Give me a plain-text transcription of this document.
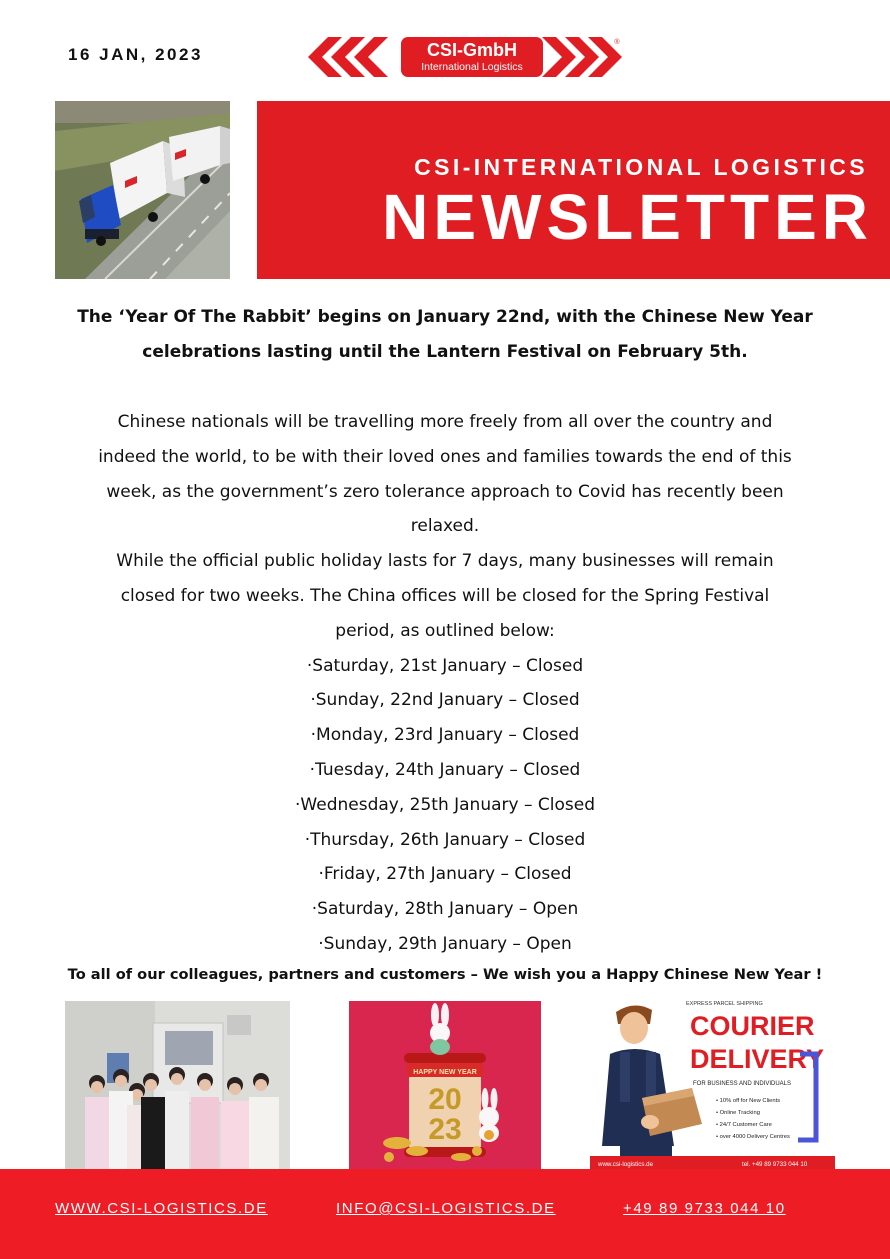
16 JAN, 2023	CSI-GmbH
International Logistics
®
CSI-INTERNATIONAL LOGISTICS
NEWSLETTER

The ‘Year Of The Rabbit’ begins on January 22nd, with the Chinese New Year
celebrations lasting until the Lantern Festival on February 5th.

Chinese nationals will be travelling more freely from all over the country and
indeed the world, to be with their loved ones and families towards the end of this
week, as the government’s zero tolerance approach to Covid has recently been
relaxed.

While the official public holiday lasts for 7 days, many businesses will remain
closed for two weeks. The China offices will be closed for the Spring Festival
period, as outlined below:

·Saturday, 21st January – Closed
·Sunday, 22nd January – Closed
·Monday, 23rd January – Closed
·Tuesday, 24th January – Closed
·Wednesday, 25th January – Closed
·Thursday, 26th January – Closed
·Friday, 27th January – Closed
·Saturday, 28th January – Open
·Sunday, 29th January – Open

To all of our colleagues, partners and customers – We wish you a Happy Chinese New Year !

HAPPY NEW YEAR
20
23
EXPRESS PARCEL SHIPPING
COURIER
DELIVERY
FOR BUSINESS AND INDIVIDUALS
• 10% off for New Clients
• Online Tracking
• 24/7 Customer Care
• over 4000 Delivery Centres
www.csi-logistics.de	tel. +49 89 9733 044 10
WWW.CSI-LOGISTICS.DE	INFO@CSI-LOGISTICS.DE	+49 89 9733 044 10
